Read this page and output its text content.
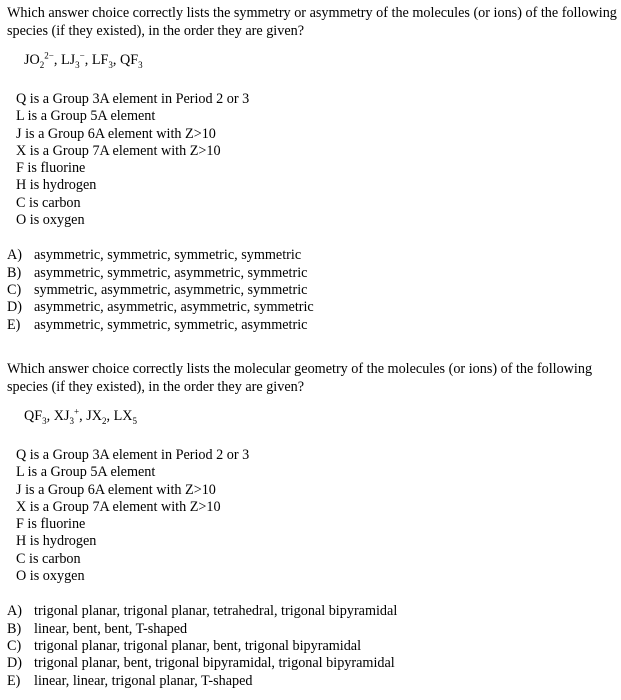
Which answer choice correctly lists the symmetry or asymmetry of the molecules (or ions) of the following species (if they existed), in the order they are given?

$JO_2^{2-}$, $LJ_3^-$, $LF_3$, $QF_3$
Q is a Group 3A element in Period 2 or 3
L is a Group 5A element
J is a Group 6A element with Z>10
X is a Group 7A element with Z>10
F is fluorine
H is hydrogen
C is carbon
O is oxygen
A) asymmetric, symmetric, symmetric, symmetric
B) asymmetric, symmetric, asymmetric, symmetric
C) symmetric, asymmetric, asymmetric, symmetric
D) asymmetric, asymmetric, asymmetric, symmetric
E) asymmetric, symmetric, symmetric, asymmetric

Which answer choice correctly lists the molecular geometry of the molecules (or ions) of the following species (if they existed), in the order they are given?

$QF_3$, $XJ_3^+$, $JX_2$, $LX_5$
Q is a Group 3A element in Period 2 or 3
L is a Group 5A element
J is a Group 6A element with Z>10
X is a Group 7A element with Z>10
F is fluorine
H is hydrogen
C is carbon
O is oxygen
A) trigonal planar, trigonal planar, tetrahedral, trigonal bipyramidal
B) linear, bent, bent, T-shaped
C) trigonal planar, trigonal planar, bent, trigonal bipyramidal
D) trigonal planar, bent, trigonal bipyramidal, trigonal bipyramidal
E) linear, linear, trigonal planar, T-shaped
